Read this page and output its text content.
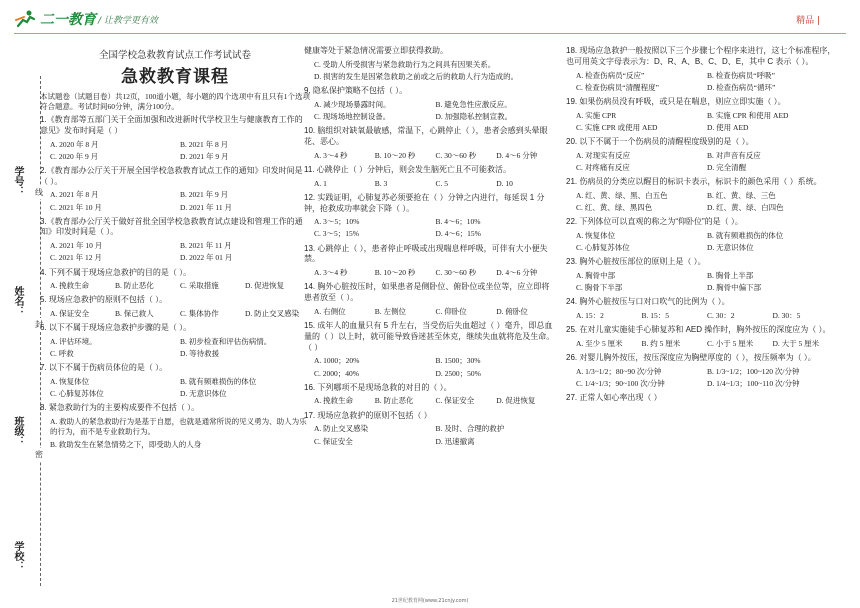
二一教育 / 让教学更有效	精品 |
学号：
姓名：
班级：
学校：
线
封
密
全国学校急救教育试点工作考试试卷
急救教育课程
本试题卷（试题目卷）共12页，100道小题，每小题的四个选项中有且只有1个选项符合题意。考试时间60分钟，满分100分。
1.《教育部等五部门关于全面加强和改进新时代学校卫生与健康教育工作的意见》发布时间是（ ）
A. 2020 年 8 月	B. 2021 年 8 月
C. 2020 年 9 月	D. 2021 年 9 月
2.《教育部办公厅关于开展全国学校急救教育试点工作的通知》印发时间是（ ）。
A. 2021 年 8 月	B. 2021 年 9 月
C. 2021 年 10 月	D. 2021 年 11 月
3.《教育部办公厅关于做好首批全国学校急救教育试点建设和管理工作的通知》印发时间是（ ）。
A. 2021 年 10 月	B. 2021 年 11 月
C. 2021 年 12 月	D. 2022 年 01 月
4. 下列不属于现场应急救护的目的是（ ）。
A. 挽救生命	B. 防止恶化	C. 采取措施	D. 促进恢复
5. 现场应急救护的原则不包括（ ）。
A. 保证安全	B. 保己救人	C. 集体协作	D. 防止交叉感染
6. 以下不属于现场应急救护步骤的是（ ）。
A. 评估环境。	B. 初步检查和评估伤病情。
C. 呼救	D. 等待救援
7. 以下不属于伤病员体位的是（ ）。
A. 恢复体位	B. 就有频难损伤的体位
C. 心肺复苏体位	D. 无意识体位
8. 紧急救助行为的主要构成要件不包括（ ）。
A. 救助人的紧急救助行为是基于自愿，也就是通常所说的见义勇为、助人为乐的行为，而不是专业救助行为。
B. 救助发生在紧急情势之下，即受助人的人身
健康等处于紧急情况需要立即获得救助。
C. 受助人所受损害与紧急救助行为之间具有因果关系。
D. 损害的发生是因紧急救助之前或之后的救助人行为造成的。
9. 隐私保护策略不包括（ ）。
A. 减少现场暴露时间。	B. 避免急性应激反应。
C. 现场场地控制设备。	D. 加强隐私控制宣教。
10. 脑组织对缺氧最敏感，常温下，心跳停止（ ），患者会感到头晕眼花、恶心。
A. 3～4 秒	B. 10～20 秒	C. 30～60 秒	D. 4～6 分钟
11. 心跳停止（ ）分钟后，则会发生脑死亡且不可能救活。
A. 1	B. 3	C. 5	D. 10
12. 实践证明，心肺复苏必须要抢在（ ）分钟之内进行，每延误 1 分钟，抢救成功率就会下降（ ）。
A. 3～5；10%	B. 4～6；10%
C. 3～5；15%	D. 4～6；15%
13. 心跳停止（ ），患者停止呼吸或出现喘息样呼吸，可伴有大小便失禁。
A. 3～4 秒	B. 10～20 秒	C. 30～60 秒	D. 4～6 分钟
14. 胸外心脏按压时，如果患者是侧卧位、俯卧位或坐位等，应立即将患者放至（ ）。
A. 右侧位	B. 左侧位	C. 仰卧位	D. 俯卧位
15. 成年人的血量只有 5 升左右，当受伤后失血超过（ ）毫升，即总血量的（ ）以上时，就可能导致昏迷甚至休克，继续失血就将危及生命。（ ）
A. 1000；20%	B. 1500；30%
C. 2000；40%	D. 2500；50%
16. 下列哪项不是现场急救的对目的（ ）。
A. 挽救生命	B. 防止恶化	C. 保证安全	D. 促进恢复
17. 现场应急救护的原则不包括（ ）
A. 防止交叉感染	B. 及时、合理的救护
C. 保证安全	D. 迅速撤离
18. 现场应急救护一般按照以下三个步骤七个程序来进行，这七个标准程序，也可用英文字母表示为：D、R、A、B、C、D、E，其中 C 表示（ ）。
A. 检查伤病员“反应”	B. 检查伤病员“呼吸”
C. 检查伤病员“清醒程度”	D. 检查伤病员“循环”
19. 如果伤病员没有呼吸，或只是在喘息，则应立即实施（ ）。
A. 实施 CPR	B. 实施 CPR 和使用 AED
C. 实施 CPR 或使用 AED	D. 使用 AED
20. 以下不属于一个伤病员的清醒程度级别的是（ ）。
A. 对现实有反应	B. 对声音有反应
C. 对疼痛有反应	D. 完全清醒
21. 伤病员的分类应以醒目的标识卡表示，标识卡的颜色采用（ ）系统。
A. 红、黄、绿、黑、白五色	B. 红、黄、绿、三色
C. 红、黄、绿、黑四色	D. 红、黄、绿、白四色
22. 下列体位可以直观的称之为“仰卧位”的是（ ）。
A. 恢复体位	B. 就有频难损伤的体位
C. 心肺复苏体位	D. 无意识体位
23. 胸外心脏按压部位的原则上是（ ）。
A. 胸骨中部	B. 胸骨上半部
C. 胸骨下半部	D. 胸骨中偏下部
24. 胸外心脏按压与口对口吹气的比例为（ ）。
A. 15：2	B. 15：5	C. 30：2	D. 30：5
25. 在对儿童实施徒手心肺复苏和 AED 操作时，胸外按压的深度应为（ ）。
A. 至少 5 厘米	B. 约 5 厘米	C. 小于 5 厘米	D. 大于 5 厘米
26. 对婴儿胸外按压，按压深度应为胸壁厚度的（ ），按压频率为（ ）。
A. 1/3~1/2；80~90 次/分钟	B. 1/3~1/2；100~120 次/分钟
C. 1/4~1/3；90~100 次/分钟	D. 1/4~1/3；100~110 次/分钟
27. 正常人如心率出现（ ）
21世纪教育网(www.21cnjy.com)
